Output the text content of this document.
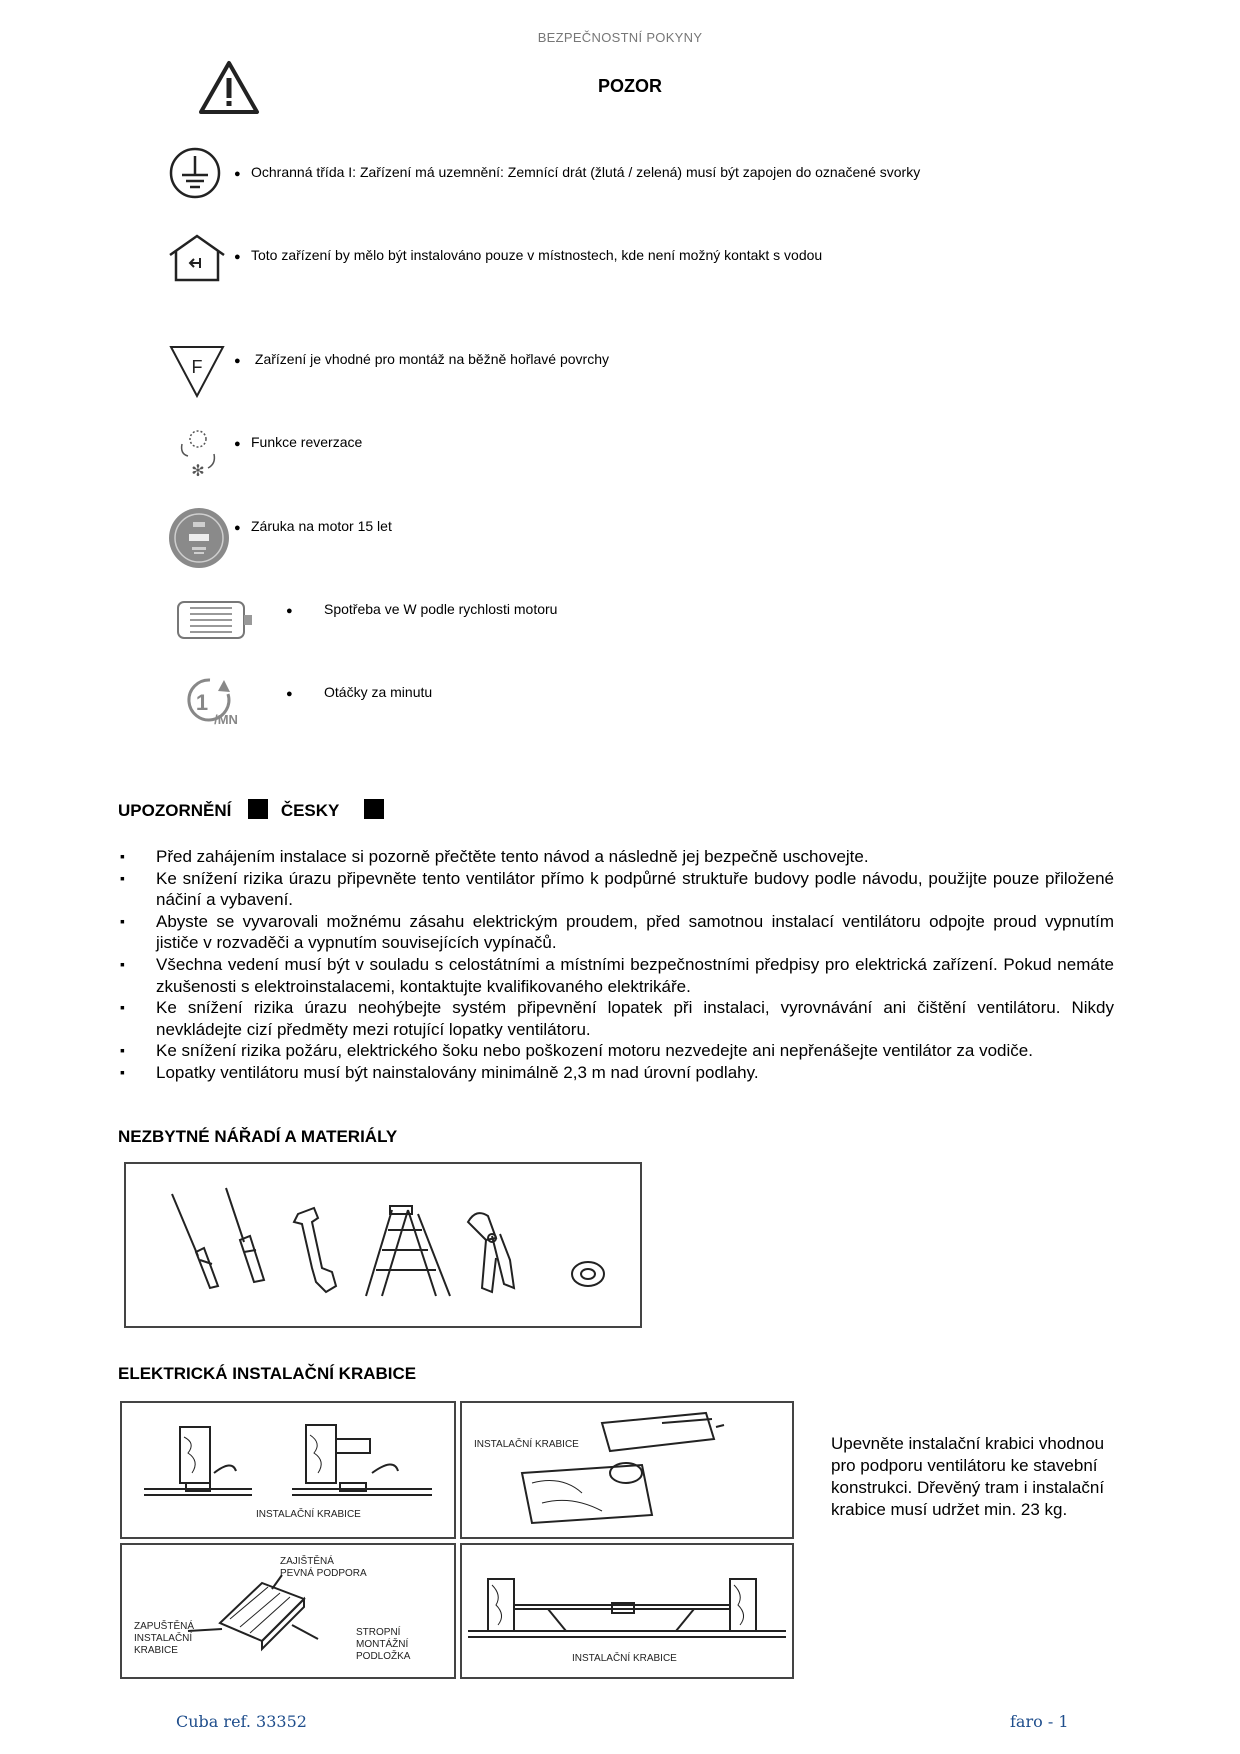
BEZPEČNOSTNÍ POKYNY
POZOR
● Ochranná třída I: Zařízení má uzemnění: Zemnící drát (žlutá / zelená) musí být zapojen do označené svorky
● Toto zařízení by mělo být instalováno pouze v místnostech, kde není možný kontakt s vodou
F	● Zařízení je vhodné pro montáž na běžně hořlavé povrchy
✻
● Funkce reverzace
● Záruka na motor 15 let
● Spotřeba ve W podle rychlosti motoru
1
/MN
● Otáčky za minutu
UPOZORNĚNÍ	ČESKY
▪ Před zahájením instalace si pozorně přečtěte tento návod a následně jej bezpečně uschovejte.
▪ Ke snížení rizika úrazu připevněte tento ventilátor přímo k podpůrné struktuře budovy podle návodu, použijte pouze přiložené náčiní a vybavení.
▪ Abyste se vyvarovali možnému zásahu elektrickým proudem, před samotnou instalací ventilátoru odpojte proud vypnutím jističe v rozvaděči a vypnutím souvisejících vypínačů.
▪ Všechna vedení musí být v souladu s celostátními a místními bezpečnostními předpisy pro elektrická zařízení. Pokud nemáte zkušenosti s elektroinstalacemi, kontaktujte kvalifikovaného elektrikáře.
▪ Ke snížení rizika úrazu neohýbejte systém připevnění lopatek při instalaci, vyrovnávání ani čištění ventilátoru. Nikdy nevkládejte cizí předměty mezi rotující lopatky ventilátoru.
▪ Ke snížení rizika požáru, elektrického šoku nebo poškození motoru nezvedejte ani nepřenášejte ventilátor za vodiče.
▪ Lopatky ventilátoru musí být nainstalovány minimálně 2,3 m nad úrovní podlahy.
NEZBYTNÉ NÁŘADÍ A MATERIÁLY
ELEKTRICKÁ INSTALAČNÍ KRABICE
INSTALAČNÍ KRABICE
INSTALAČNÍ KRABICE
ZAJIŠTĚNÁ
PEVNÁ PODPORA
ZAPUŠTĚNÁ
INSTALAČNÍ
KRABICE
STROPNÍ
MONTÁŽNÍ
PODLOŽKA	INSTALAČNÍ KRABICE
Upevněte instalační krabici vhodnou pro podporu ventilátoru ke stavební konstrukci. Dřevěný tram i instalační krabice musí udržet min. 23 kg.
Cuba ref. 33352	faro - 1
